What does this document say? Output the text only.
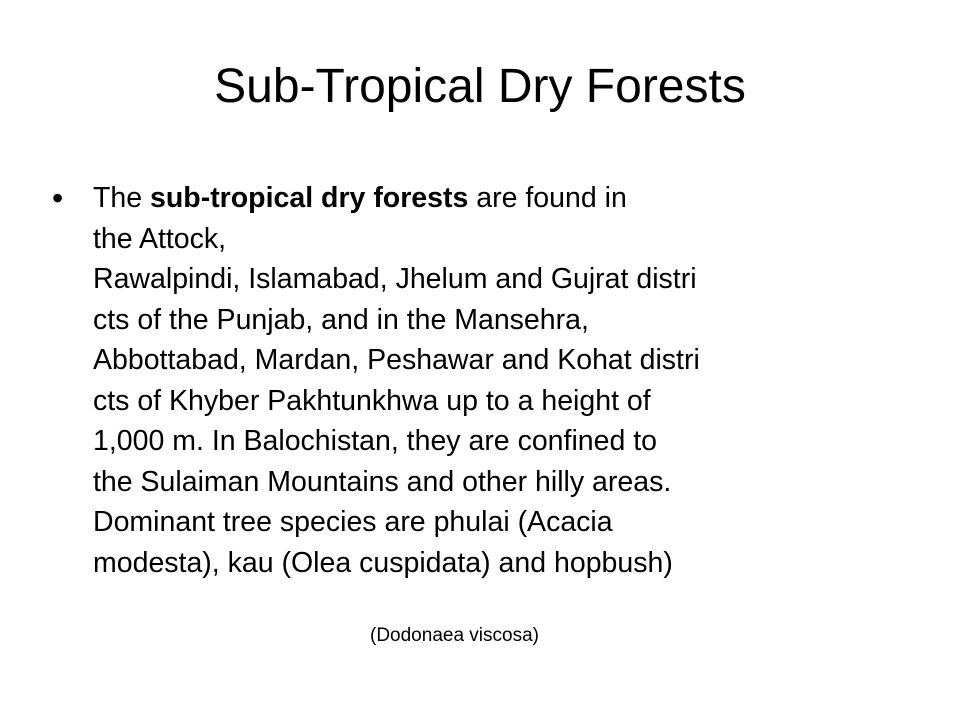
Sub-Tropical Dry Forests
• The sub-tropical dry forests are found in
the Attock,
Rawalpindi, Islamabad, Jhelum and Gujrat distri
cts of the Punjab, and in the Mansehra,
Abbottabad, Mardan, Peshawar and Kohat distri
cts of Khyber Pakhtunkhwa up to a height of
1,000 m. In Balochistan, they are confined to
the Sulaiman Mountains and other hilly areas.
Dominant tree species are phulai (Acacia
modesta), kau (Olea cuspidata) and hopbush)
(Dodonaea viscosa)
